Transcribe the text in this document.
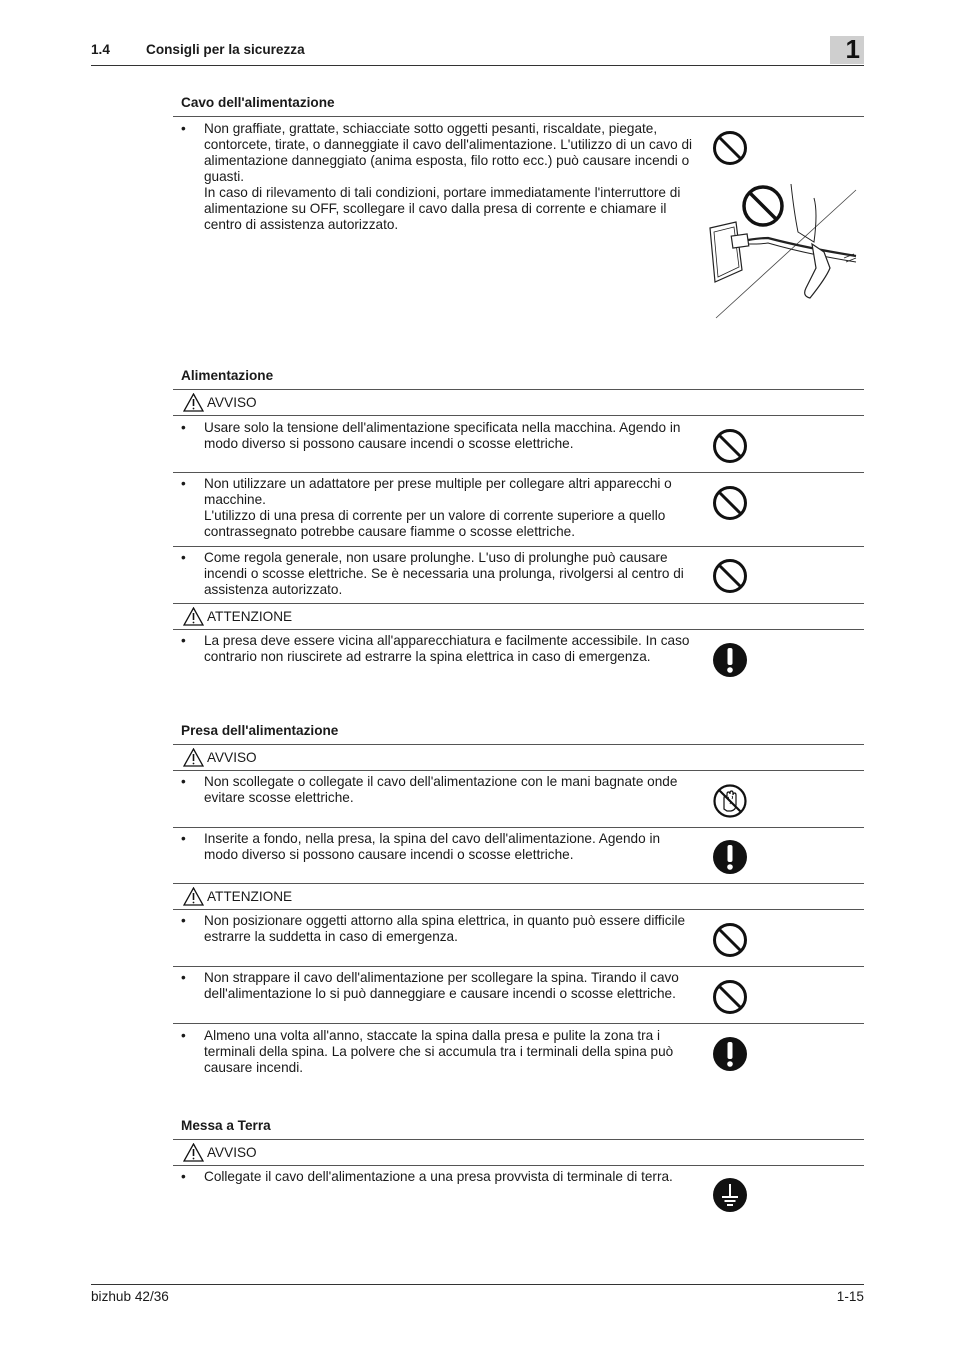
1.4	Consigli per la sicurezza	1
Cavo dell'alimentazione
• Non graffiate, grattate, schiacciate sotto oggetti pesanti, riscaldate, piegate, contorcete, tirate, o danneggiate il cavo dell'alimentazione. L'utilizzo di un cavo di alimentazione danneggiato (anima esposta, filo rotto ecc.) può causare incendi o guasti.

In caso di rilevamento di tali condizioni, portare immediatamente l'interruttore di alimentazione su OFF, scollegare il cavo dalla presa di corrente e chiamare il centro di assistenza autorizzato.

Alimentazione
AVVISO
• Usare solo la tensione dell'alimentazione specificata nella macchina. Agendo in modo diverso si possono causare incendi o scosse elettriche.

• Non utilizzare un adattatore per prese multiple per collegare altri apparecchi o macchine.

L'utilizzo di una presa di corrente per un valore di corrente superiore a quello contrassegnato potrebbe causare fiamme o scosse elettriche.

• Come regola generale, non usare prolunghe. L'uso di prolunghe può causare incendi o scosse elettriche. Se è necessaria una prolunga, rivolgersi al centro di assistenza autorizzato.

ATTENZIONE
• La presa deve essere vicina all'apparecchiatura e facilmente accessibile. In caso contrario non riuscirete ad estrarre la spina elettrica in caso di emergenza.

Presa dell'alimentazione
AVVISO
• Non scollegate o collegate il cavo dell'alimentazione con le mani bagnate onde evitare scosse elettriche.

• Inserite a fondo, nella presa, la spina del cavo dell'alimentazione. Agendo in modo diverso si possono causare incendi o scosse elettriche.

ATTENZIONE
• Non posizionare oggetti attorno alla spina elettrica, in quanto può essere difficile estrarre la suddetta in caso di emergenza.

• Non strappare il cavo dell'alimentazione per scollegare la spina. Tirando il cavo dell'alimentazione lo si può danneggiare e causare incendi o scosse elettriche.

• Almeno una volta all'anno, staccate la spina dalla presa e pulite la zona tra i terminali della spina. La polvere che si accumula tra i terminali della spina può causare incendi.

Messa a Terra
AVVISO
• Collegate il cavo dell'alimentazione a una presa provvista di terminale di terra.

bizhub 42/36	1-15
